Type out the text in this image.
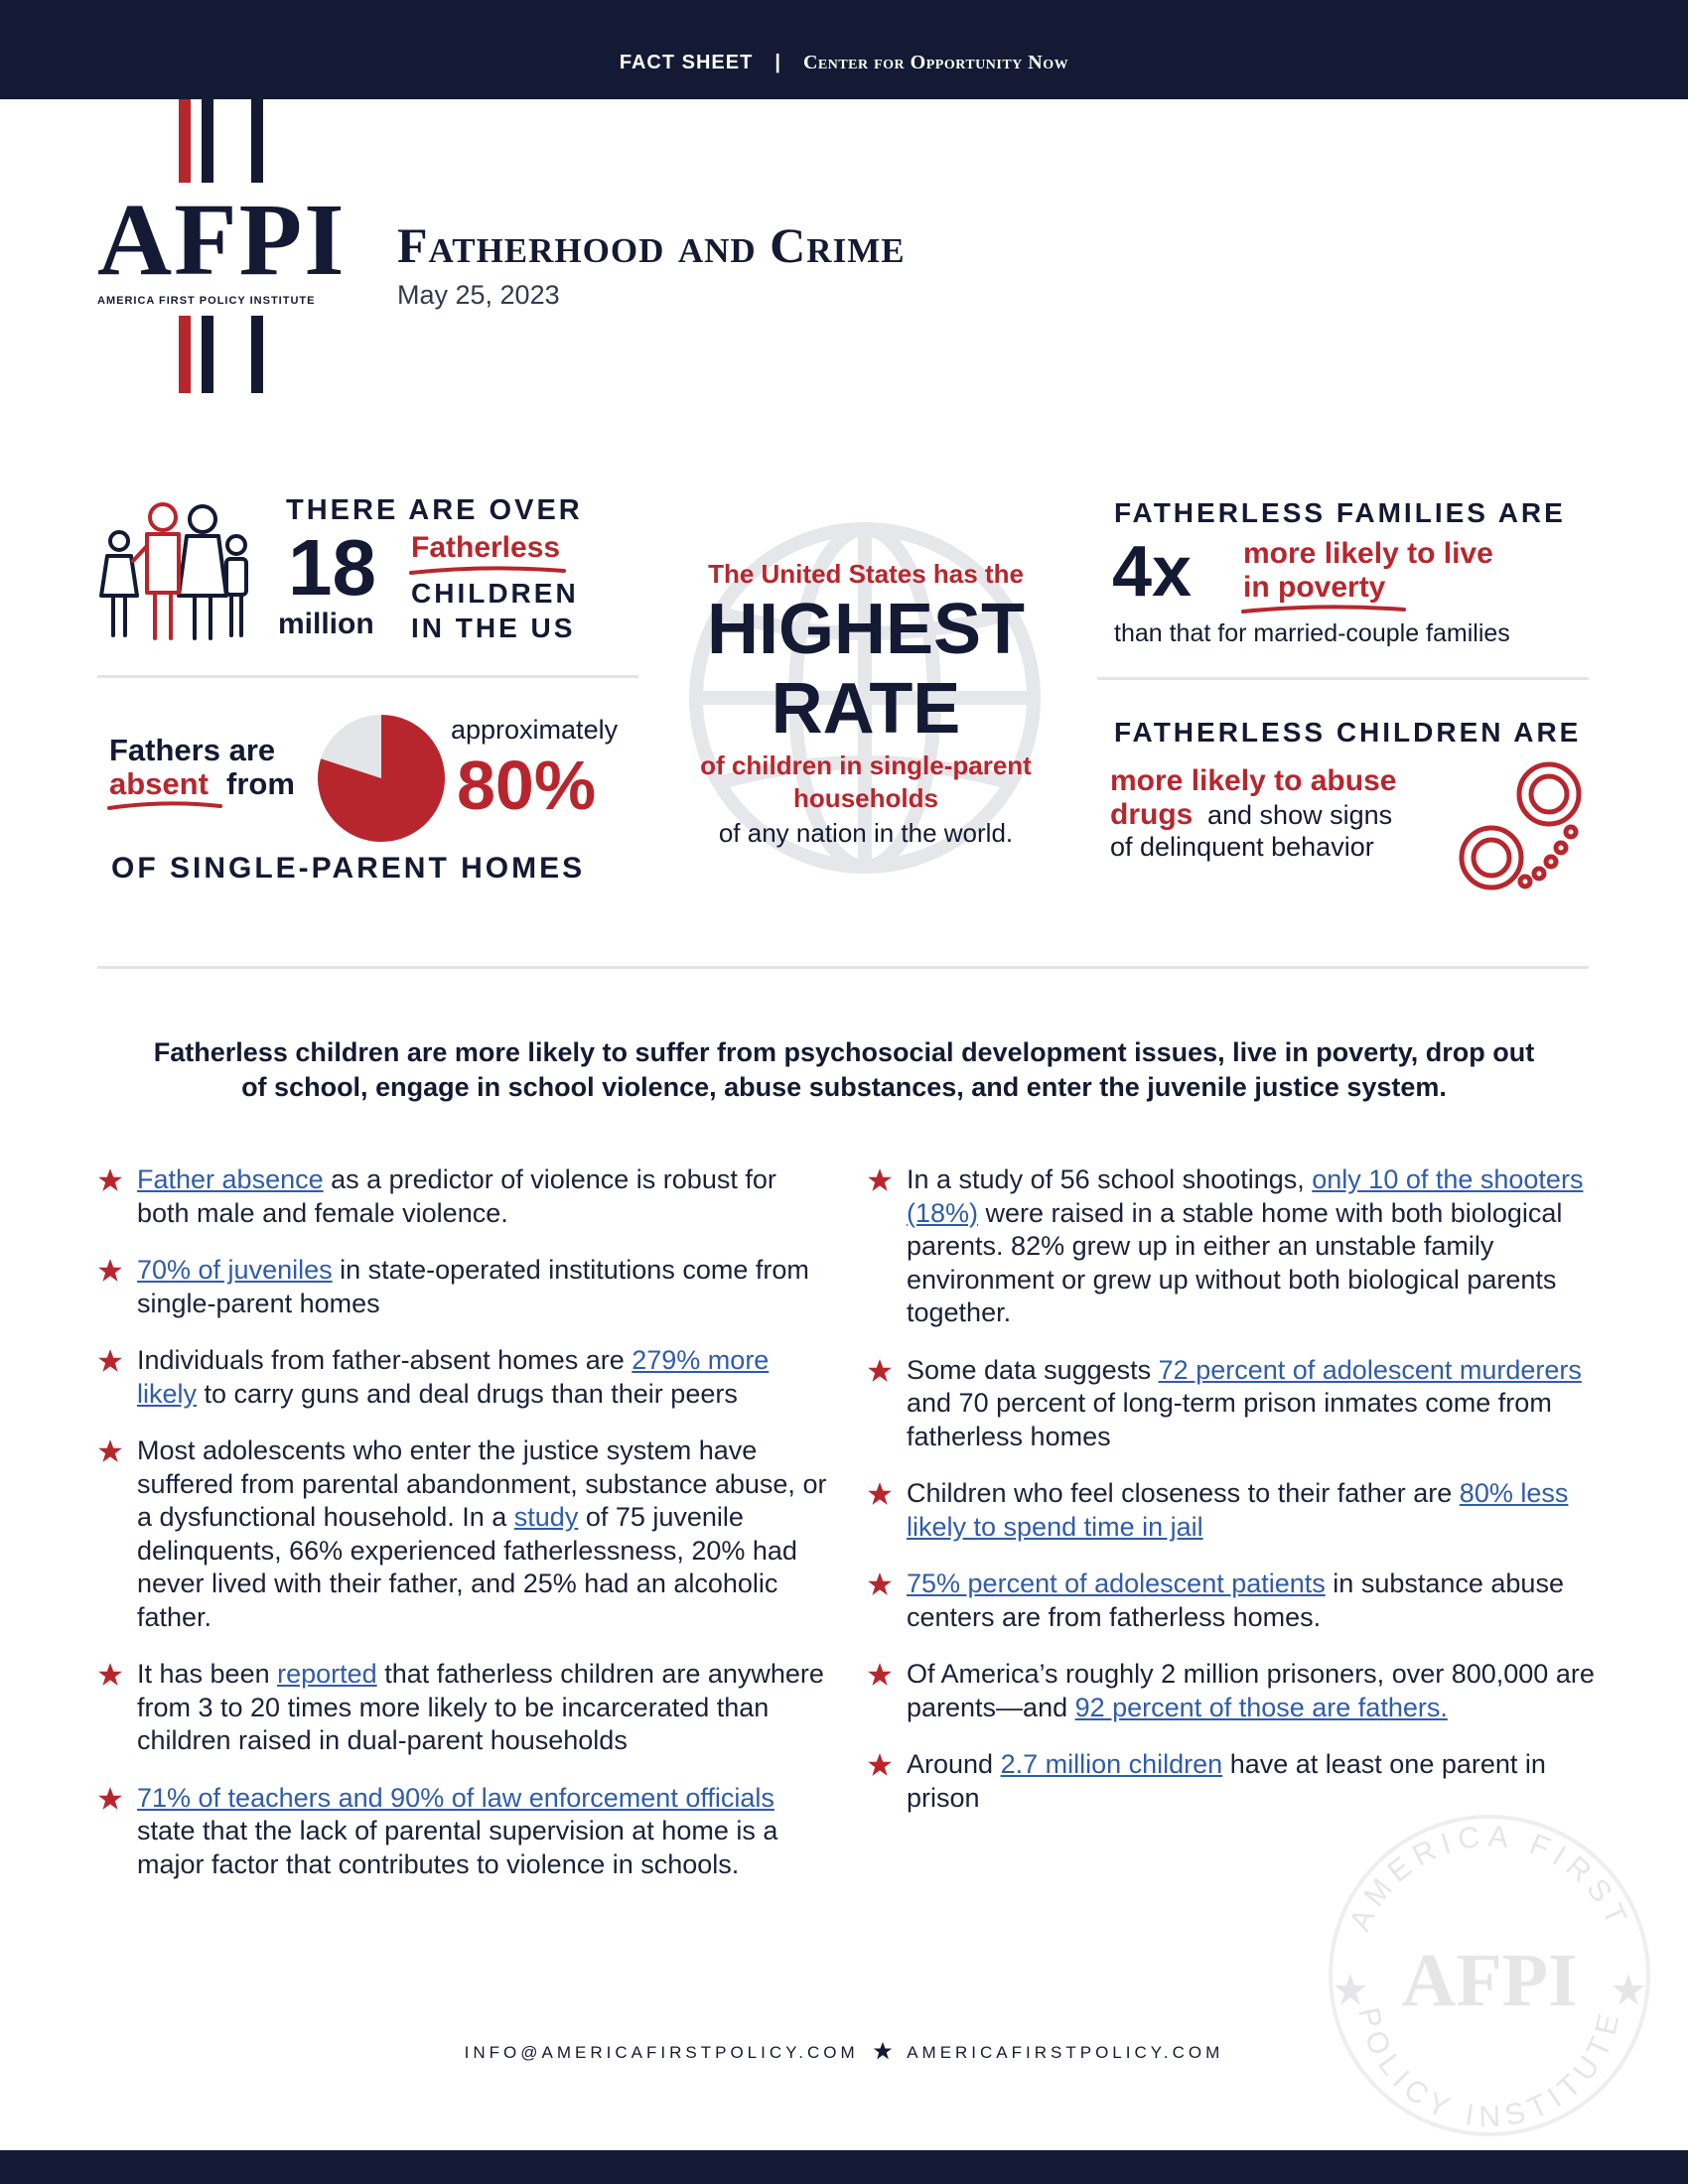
FACT SHEET | Center for Opportunity Now
AFPI
AMERICA FIRST POLICY INSTITUTE
Fatherhood and Crime
May 25, 2023
THERE ARE OVER
18
million
Fatherless
CHILDREN
IN THE US
Fathers are
absent from
approximately
80%
OF SINGLE-PARENT HOMES
The United States has the
HIGHEST
RATE
of children in single-parent households
of any nation in the world.
FATHERLESS FAMILIES ARE
4x more likely to live
in poverty
than that for married-couple families
FATHERLESS CHILDREN ARE
more likely to abuse
drugs and show signs
of delinquent behavior
Fatherless children are more likely to suffer from psychosocial development issues, live in poverty, drop out of school, engage in school violence, abuse substances, and enter the juvenile justice system.
Father absence as a predictor of violence is robust for both male and female violence.
70% of juveniles in state-operated institutions come from single-parent homes
Individuals from father-absent homes are 279% more likely to carry guns and deal drugs than their peers
Most adolescents who enter the justice system have suffered from parental abandonment, substance abuse, or a dysfunctional household. In a study of 75 juvenile delinquents, 66% experienced fatherlessness, 20% had never lived with their father, and 25% had an alcoholic father.
It has been reported that fatherless children are anywhere from 3 to 20 times more likely to be incarcerated than children raised in dual-parent households
71% of teachers and 90% of law enforcement officials state that the lack of parental supervision at home is a major factor that contributes to violence in schools.
In a study of 56 school shootings, only 10 of the shooters (18%) were raised in a stable home with both biological parents. 82% grew up in either an unstable family environment or grew up without both biological parents together.
Some data suggests 72 percent of adolescent murderers and 70 percent of long-term prison inmates come from fatherless homes
Children who feel closeness to their father are 80% less likely to spend time in jail
75% percent of adolescent patients in substance abuse centers are from fatherless homes.
Of America’s roughly 2 million prisoners, over 800,000 are parents—and 92 percent of those are fathers.
Around 2.7 million children have at least one parent in prison
AMERICA FIRST
POLICY INSTITUTE
AFPI
INFO@AMERICAFIRSTPOLICY.COM	AMERICAFIRSTPOLICY.COM
